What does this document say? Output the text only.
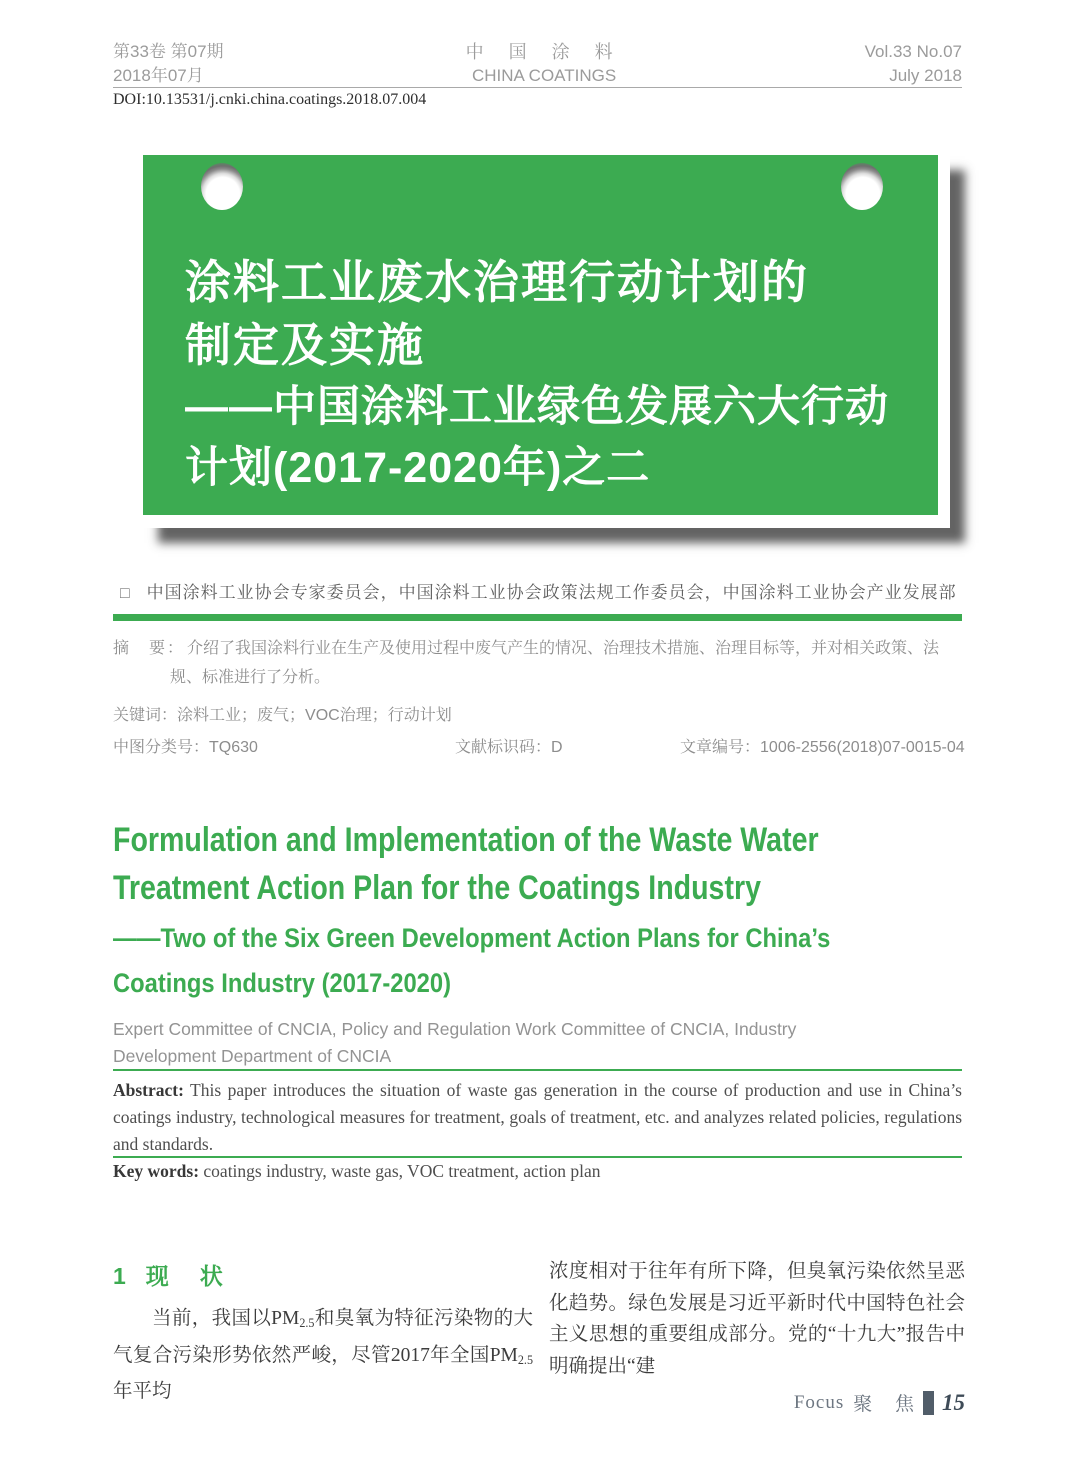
第33卷 第07期
2018年07月
中 国 涂 料
CHINA COATINGS
Vol.33 No.07
July 2018
DOI:10.13531/j.cnki.china.coatings.2018.07.004
涂料工业废水治理行动计划的
制定及实施
——中国涂料工业绿色发展六大行动
计划(2017-2020年)之二
□ 中国涂料工业协会专家委员会，中国涂料工业协会政策法规工作委员会，中国涂料工业协会产业发展部
摘　要： 介绍了我国涂料行业在生产及使用过程中废气产生的情况、治理技术措施、治理目标等，并对相关政策、法规、标准进行了分析。
关键词：涂料工业；废气；VOC治理；行动计划
中图分类号：TQ630	文献标识码：D	文章编号：1006-2556(2018)07-0015-04
Formulation and Implementation of the Waste Water
Treatment Action Plan for the Coatings Industry
——Two of the Six Green Development Action Plans for China’s
Coatings Industry (2017-2020)
Expert Committee of CNCIA, Policy and Regulation Work Committee of CNCIA, Industry Development Department of CNCIA

Abstract: This paper introduces the situation of waste gas generation in the course of production and use in China’s coatings industry, technological measures for treatment, goals of treatment, etc. and analyzes related policies, regulations and standards.

Key words: coatings industry, waste gas, VOC treatment, action plan

1 现　状

当前，我国以$PM_{2.5}$和臭氧为特征污染物的大气复合污染形势依然严峻，尽管2017年全国$PM_{2.5}$年平均

浓度相对于往年有所下降，但臭氧污染依然呈恶化趋势。绿色发展是习近平新时代中国特色社会主义思想的重要组成部分。党的“十九大”报告中明确提出“建

Focus 聚 焦 15
